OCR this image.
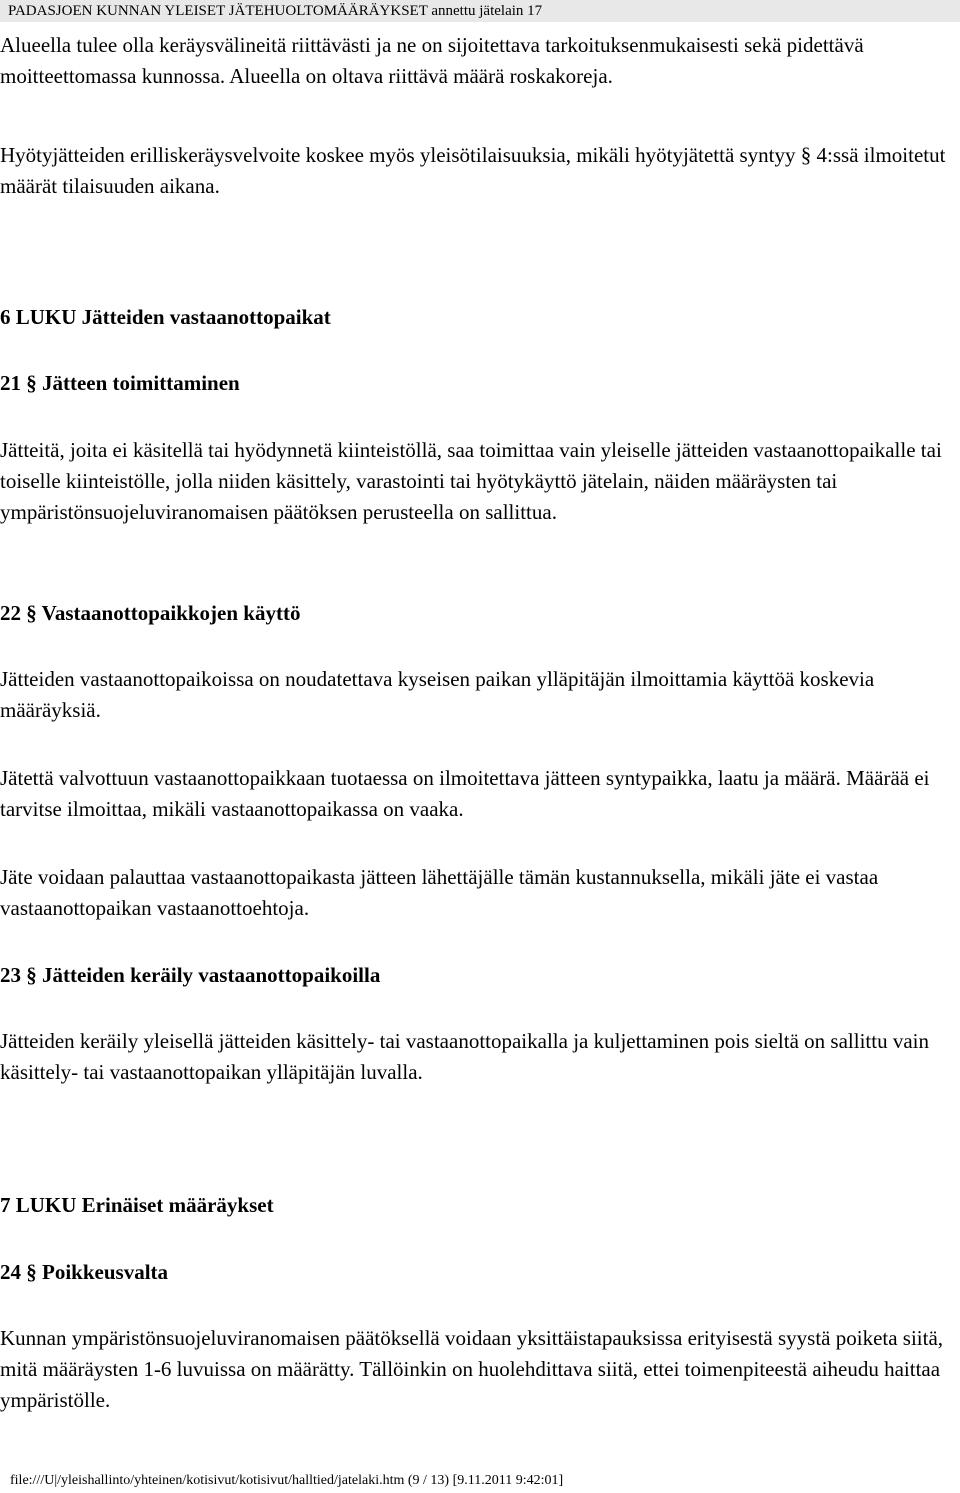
PADASJOEN KUNNAN YLEISET JÄTEHUOLTOMÄÄRÄYKSET annettu jätelain 17

Alueella tulee olla keräysvälineitä riittävästi ja ne on sijoitettava tarkoituksenmukaisesti sekä pidettävä moitteettomassa kunnossa. Alueella on oltava riittävä määrä roskakoreja.

Hyötyjätteiden erilliskeräysvelvoite koskee myös yleisötilaisuuksia, mikäli hyötyjätettä syntyy § 4:ssä ilmoitetut määrät tilaisuuden aikana.

6 LUKU Jätteiden vastaanottopaikat
21 § Jätteen toimittaminen

Jätteitä, joita ei käsitellä tai hyödynnetä kiinteistöllä, saa toimittaa vain yleiselle jätteiden vastaanottopaikalle tai toiselle kiinteistölle, jolla niiden käsittely, varastointi tai hyötykäyttö jätelain, näiden määräysten tai ympäristönsuojeluviranomaisen päätöksen perusteella on sallittua.

22 § Vastaanottopaikkojen käyttö

Jätteiden vastaanottopaikoissa on noudatettava kyseisen paikan ylläpitäjän ilmoittamia käyttöä koskevia määräyksiä.

Jätettä valvottuun vastaanottopaikkaan tuotaessa on ilmoitettava jätteen syntypaikka, laatu ja määrä. Määrää ei tarvitse ilmoittaa, mikäli vastaanottopaikassa on vaaka.

Jäte voidaan palauttaa vastaanottopaikasta jätteen lähettäjälle tämän kustannuksella, mikäli jäte ei vastaa vastaanottopaikan vastaanottoehtoja.

23 § Jätteiden keräily vastaanottopaikoilla

Jätteiden keräily yleisellä jätteiden käsittely- tai vastaanottopaikalla ja kuljettaminen pois sieltä on sallittu vain käsittely- tai vastaanottopaikan ylläpitäjän luvalla.

7 LUKU Erinäiset määräykset
24 § Poikkeusvalta

Kunnan ympäristönsuojeluviranomaisen päätöksellä voidaan yksittäistapauksissa erityisestä syystä poiketa siitä, mitä määräysten 1-6 luvuissa on määrätty. Tällöinkin on huolehdittava siitä, ettei toimenpiteestä aiheudu haittaa ympäristölle.

file:///U|/yleishallinto/yhteinen/kotisivut/kotisivut/halltied/jatelaki.htm (9 / 13) [9.11.2011 9:42:01]
